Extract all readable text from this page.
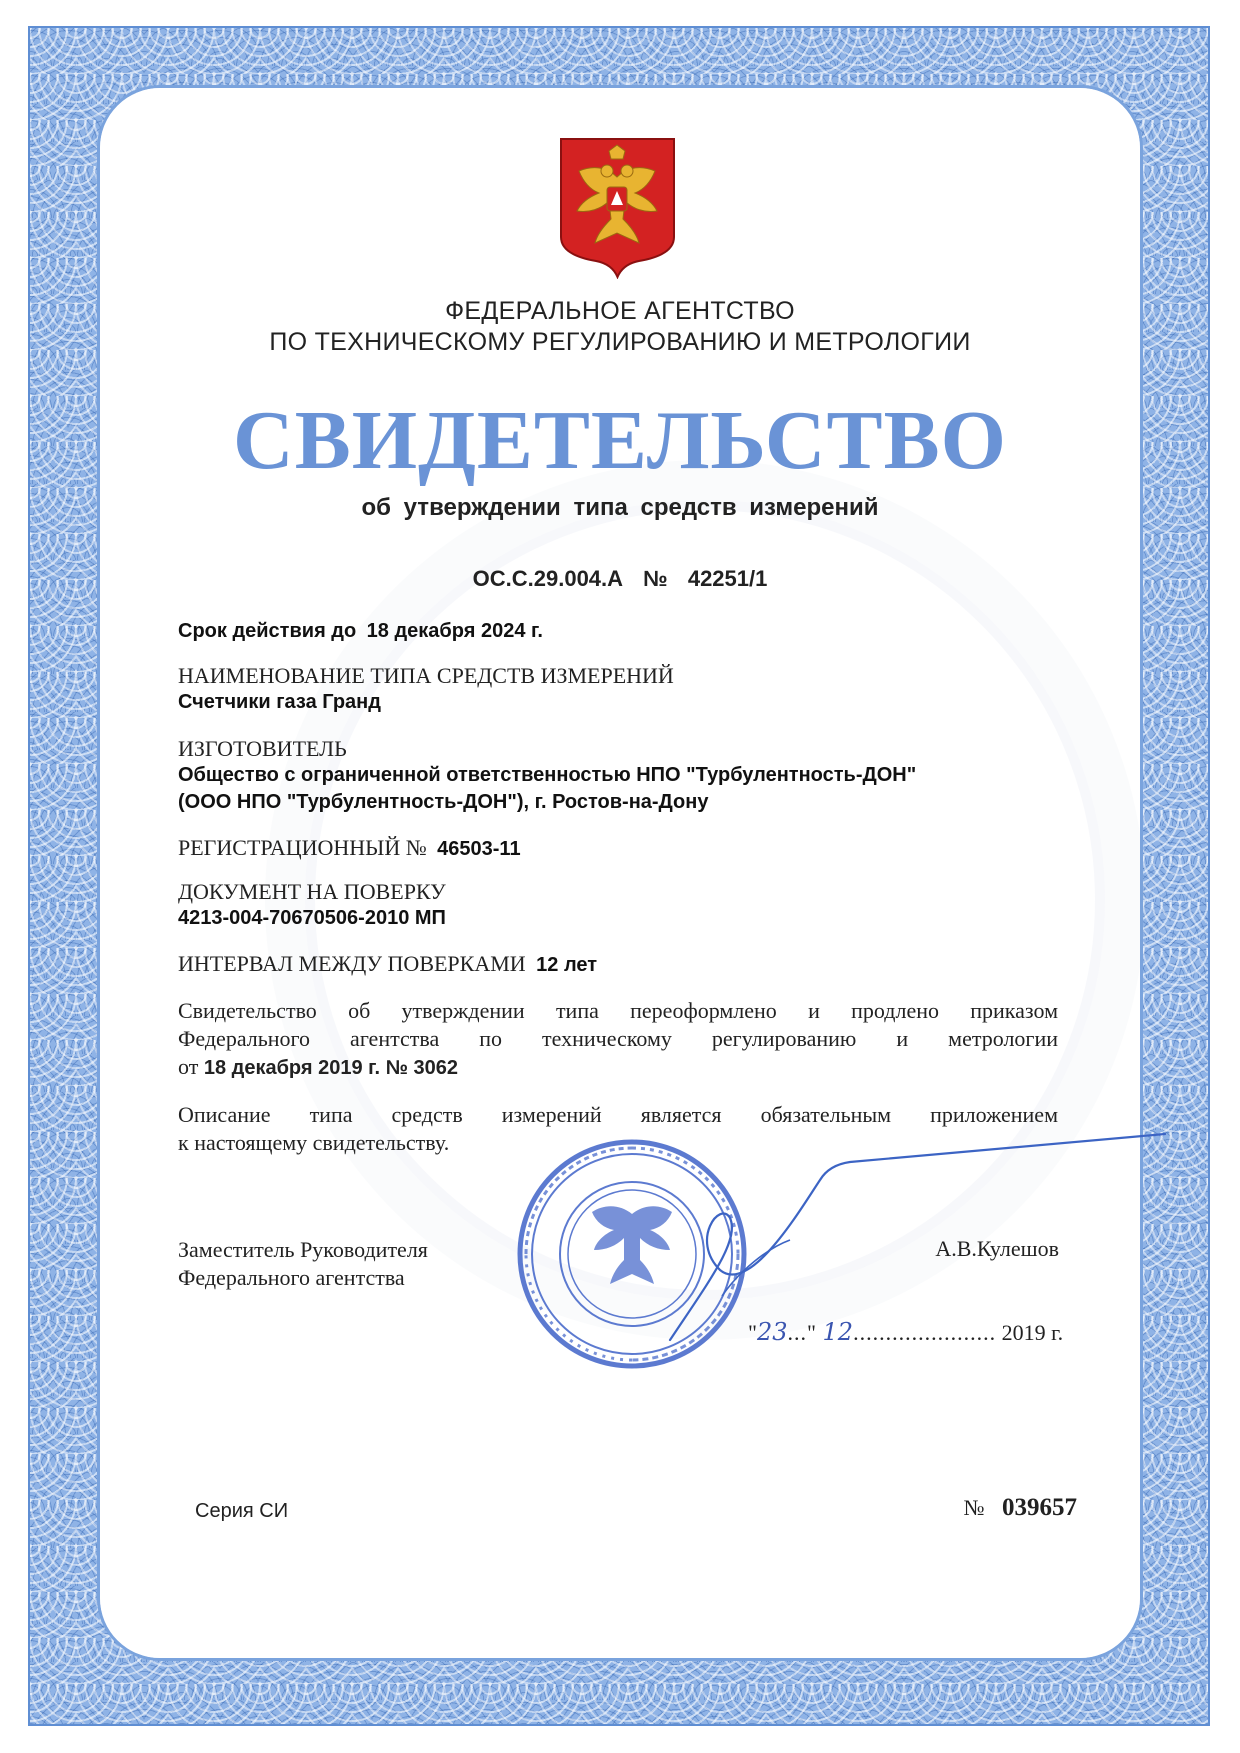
ФЕДЕРАЛЬНОЕ АГЕНТСТВО
ПО ТЕХНИЧЕСКОМУ РЕГУЛИРОВАНИЮ И МЕТРОЛОГИИ
СВИДЕТЕЛЬСТВО
об утверждении типа средств измерений
ОС.С.29.004.А № 42251/1
Срок действия до 18 декабря 2024 г.
НАИМЕНОВАНИЕ ТИПА СРЕДСТВ ИЗМЕРЕНИЙ
Счетчики газа Гранд
ИЗГОТОВИТЕЛЬ
Общество с ограниченной ответственностью НПО "Турбулентность-ДОН"
(ООО НПО "Турбулентность-ДОН"), г. Ростов-на-Дону
РЕГИСТРАЦИОННЫЙ № 46503-11
ДОКУМЕНТ НА ПОВЕРКУ
4213-004-70670506-2010 МП
ИНТЕРВАЛ МЕЖДУ ПОВЕРКАМИ 12 лет
Свидетельство об утверждении типа переоформлено и продлено приказом
Федерального агентства по техническому регулированию и метрологии
от 18 декабря 2019 г. № 3062
Описание типа средств измерений является обязательным приложением
к настоящему свидетельству.
Заместитель Руководителя
Федерального агентства
А.В.Кулешов
"23..." 12...................... 2019 г.
Серия СИ	№ 039657
